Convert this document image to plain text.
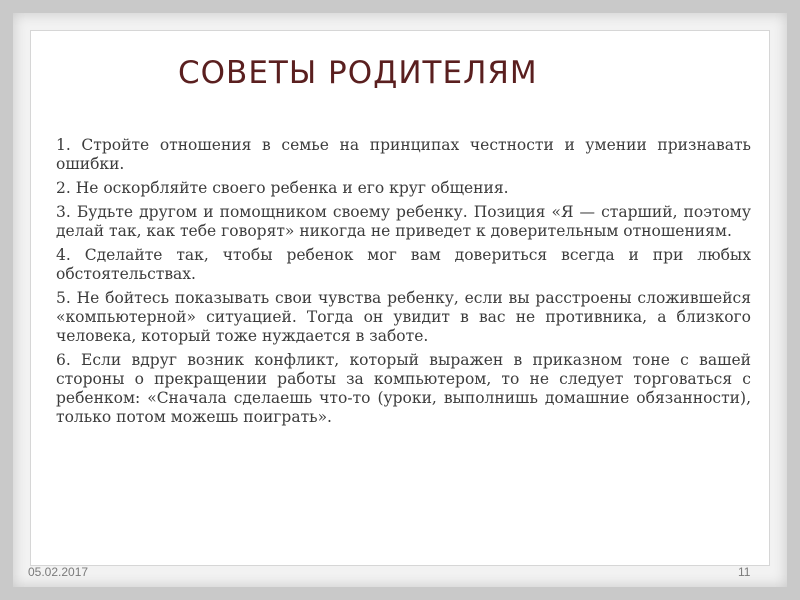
СОВЕТЫ РОДИТЕЛЯМ

1. Стройте отношения в семье на принципах честности и умении признавать ошибки.

2. Не оскорбляйте своего ребенка и его круг общения.

3. Будьте другом и помощником своему ребенку. Позиция «Я — старший, поэтому делай так, как тебе говорят» никогда не приведет к доверительным отношениям.

4. Сделайте так, чтобы ребенок мог вам довериться всегда и при любых обстоятельствах.

5. Не бойтесь показывать свои чувства ребенку, если вы расстроены сложившейся «компьютерной» ситуацией. Тогда он увидит в вас не противника, а близкого человека, который тоже нуждается в заботе.

6. Если вдруг возник конфликт, который выражен в приказном тоне с вашей стороны о прекращении работы за компьютером, то не следует торговаться с ребенком: «Сначала сделаешь что-то (уроки, выполнишь домашние обязанности), только потом можешь поиграть».

05.02.2017	11
